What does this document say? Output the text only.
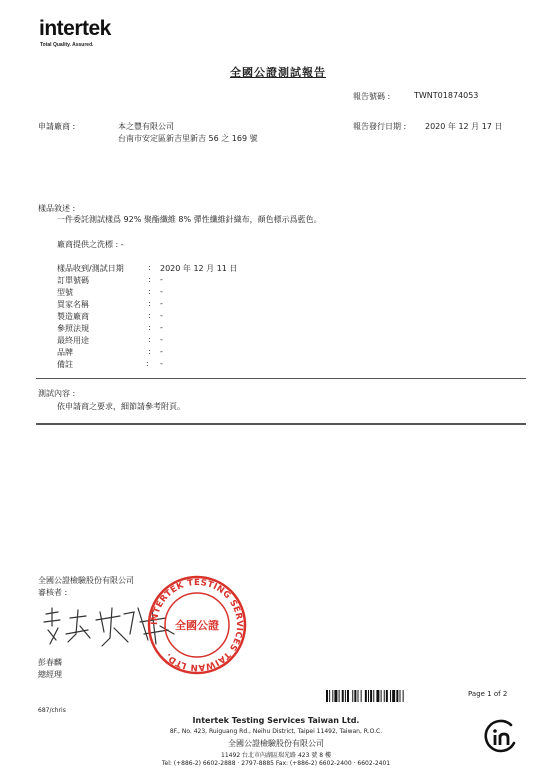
intertek
Total Quality. Assured.
全國公證測試報告
報告號碼 :	TWNT01874053
申請廠商 :	本之豐有限公司
台南市安定區新吉里新吉 56 之 169 號
報告發行日期 : 2020 年 12 月 17 日
樣品敘述 :
一件委託測試樣爲 92% 聚酯纖維 8% 彈性纖維針織布，顏色標示爲藍色。
廠商提供之洗標 : -
樣品收到/測試日期	: 2020 年 12 月 11 日
訂單號碼	: -
型號	: -
買家名稱	: -
製造廠商	: -
參照法規	: -
最終用途	: -
品牌	: -
備註	: -
測試內容 :
依申請商之要求，細節請參考附頁。
全國公證檢驗股份有限公司
審核者 :
INTERTEK TESTING SERVICES TAIWAN LTD.
全國公證
彭春麟
總經理
Page 1 of 2
687/chris
Intertek Testing Services Taiwan Ltd.
8F., No. 423, Ruiguang Rd., Neihu District, Taipei 11492, Taiwan, R.O.C.
全國公證檢驗股份有限公司
11492 台北市內湖區瑞光路 423 號 8 樓
Tel: (+886-2) 6602-2888 · 2797-8885 Fax: (+886-2) 6602-2400 · 6602-2401
